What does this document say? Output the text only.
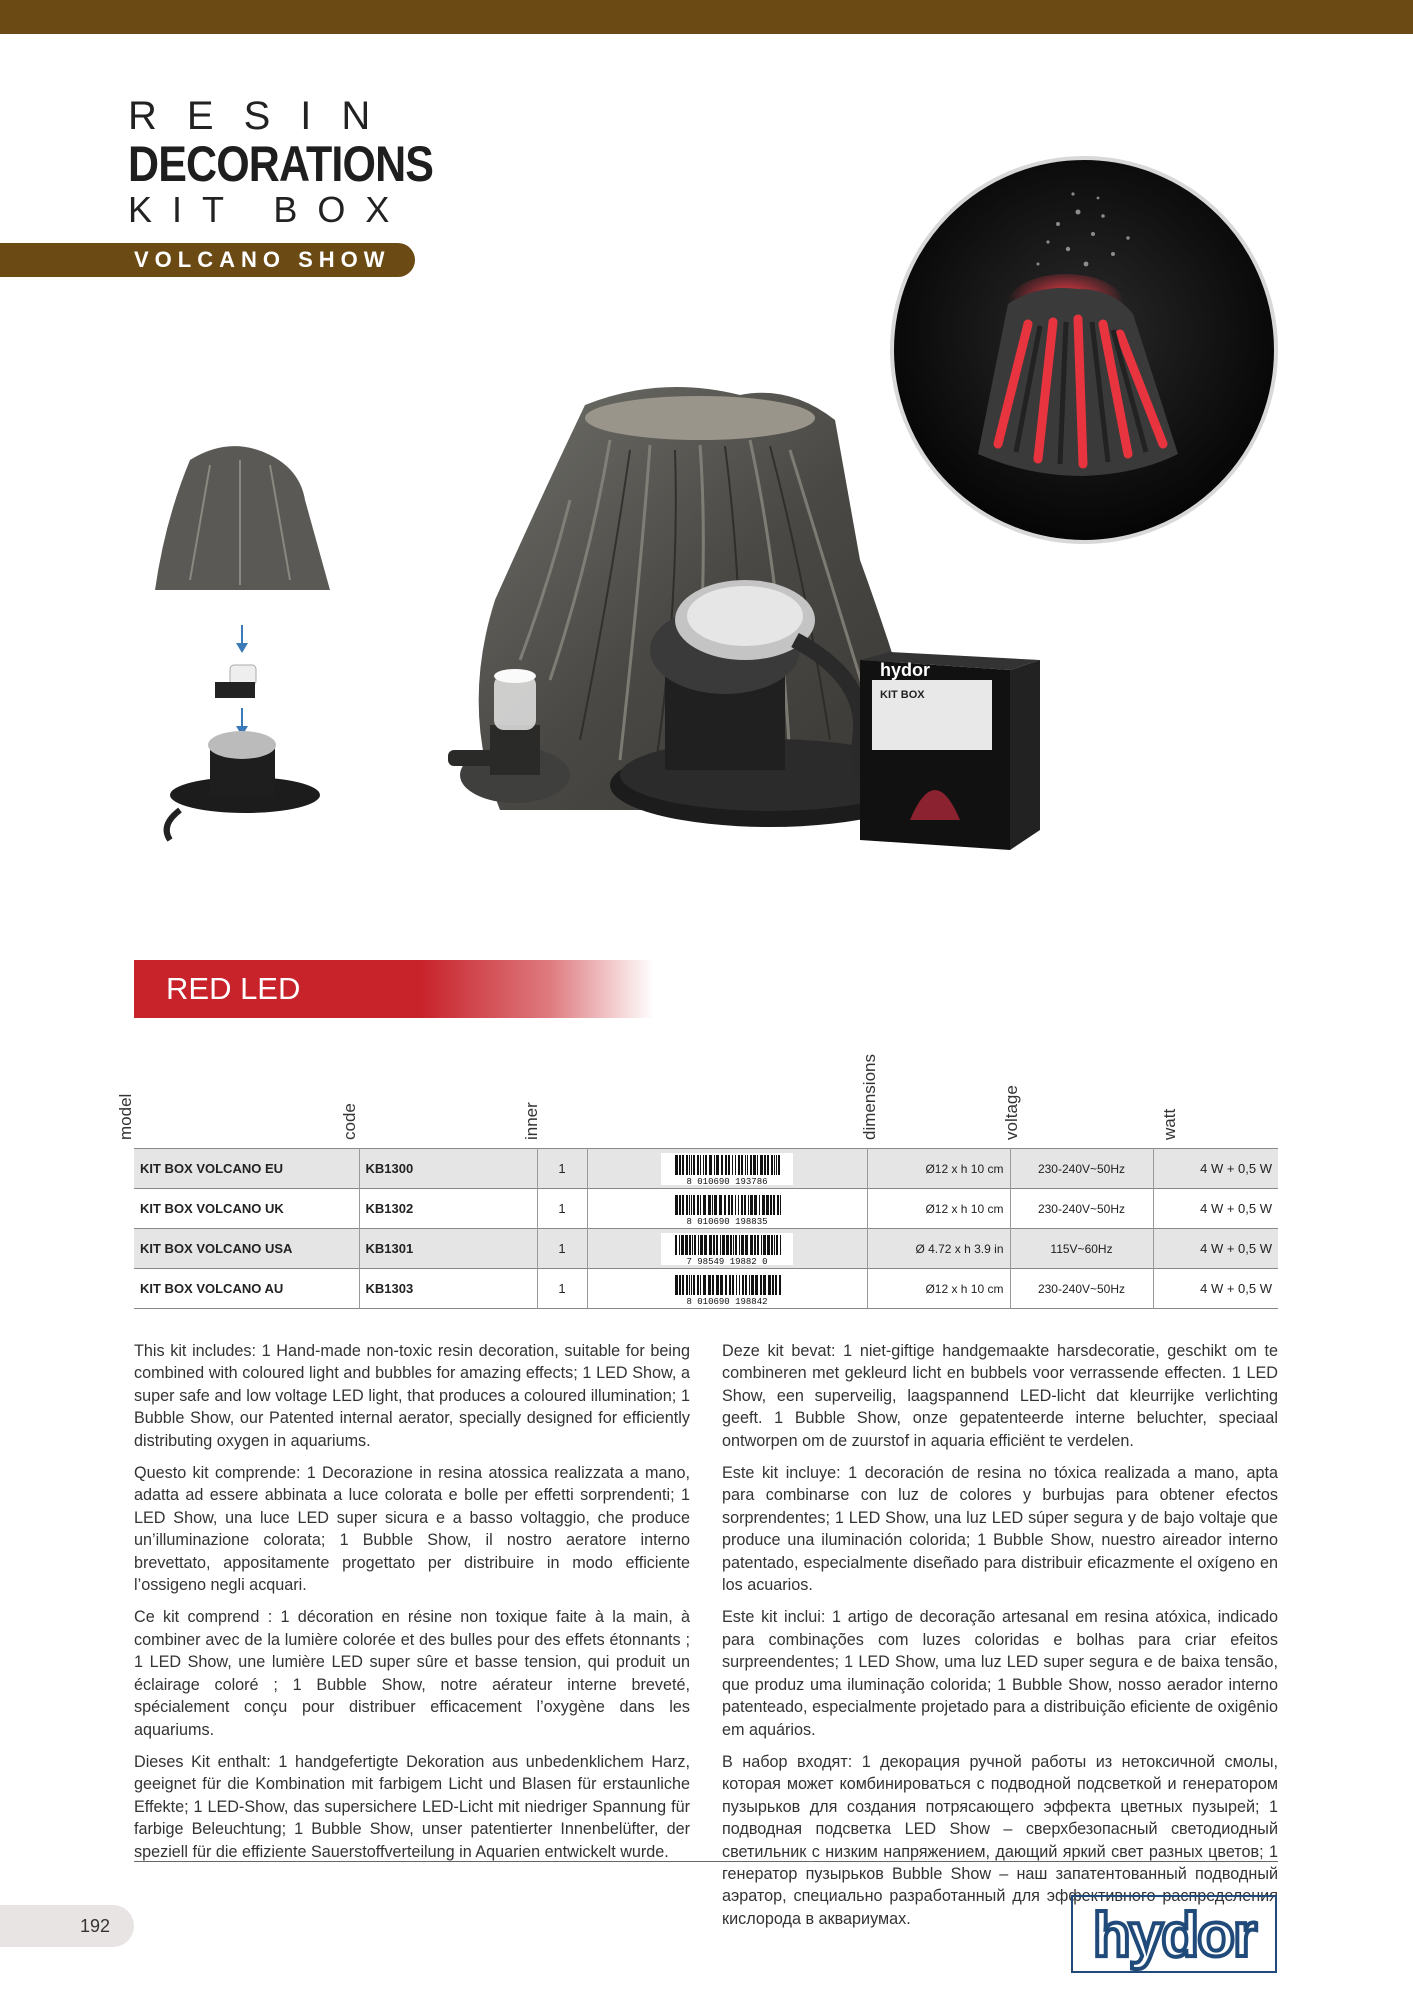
RESIN
DECORATIONS
KIT BOX
VOLCANO SHOW
hydor
KIT BOX
RED LED
model	code	inner	dimensions	voltage	watt
KIT BOX VOLCANO EU	KB1300	1	8 010690 193786	Ø12 x h 10 cm	230-240V~50Hz	4 W + 0,5 W
KIT BOX VOLCANO UK	KB1302	1	8 010690 198835	Ø12 x h 10 cm	230-240V~50Hz	4 W + 0,5 W
KIT BOX VOLCANO USA	KB1301	1	7 98549 19882 0	Ø 4.72 x h 3.9 in	115V~60Hz	4 W + 0,5 W
KIT BOX VOLCANO AU	KB1303	1	8 010690 198842	Ø12 x h 10 cm	230-240V~50Hz	4 W + 0,5 W

This kit includes: 1 Hand-made non-toxic resin decoration, suitable for being combined with coloured light and bubbles for amazing effects; 1 LED Show, a super safe and low voltage LED light, that produces a coloured illumination; 1 Bubble Show, our Patented internal aerator, specially designed for efficiently distributing oxygen in aquariums.

Questo kit comprende: 1 Decorazione in resina atossica realizzata a mano, adatta ad essere abbinata a luce colorata e bolle per effetti sorprendenti; 1 LED Show, una luce LED super sicura e a basso voltaggio, che produce un’illuminazione colorata; 1 Bubble Show, il nostro aeratore interno brevettato, appositamente progettato per distribuire in modo efficiente l’ossigeno negli acquari.

Ce kit comprend : 1 décoration en résine non toxique faite à la main, à combiner avec de la lumière colorée et des bulles pour des effets étonnants ; 1 LED Show, une lumière LED super sûre et basse tension, qui produit un éclairage coloré ; 1 Bubble Show, notre aérateur interne breveté, spécialement conçu pour distribuer efficacement l’oxygène dans les aquariums.

Dieses Kit enthalt: 1 handgefertigte Dekoration aus unbedenklichem Harz, geeignet für die Kombination mit farbigem Licht und Blasen für erstaunliche Effekte; 1 LED-Show, das supersichere LED-Licht mit niedriger Spannung für farbige Beleuchtung; 1 Bubble Show, unser patentierter Innenbelüfter, der speziell für die effiziente Sauerstoffverteilung in Aquarien entwickelt wurde.

Deze kit bevat: 1 niet-giftige handgemaakte harsdecoratie, geschikt om te combineren met gekleurd licht en bubbels voor verrassende effecten. 1 LED Show, een superveilig, laagspannend LED-licht dat kleurrijke verlichting geeft. 1 Bubble Show, onze gepatenteerde interne beluchter, speciaal ontworpen om de zuurstof in aquaria efficiënt te verdelen.

Este kit incluye: 1 decoración de resina no tóxica realizada a mano, apta para combinarse con luz de colores y burbujas para obtener efectos sorprendentes; 1 LED Show, una luz LED súper segura y de bajo voltaje que produce una iluminación colorida; 1 Bubble Show, nuestro aireador interno patentado, especialmente diseñado para distribuir eficazmente el oxígeno en los acuarios.

Este kit inclui: 1 artigo de decoração artesanal em resina atóxica, indicado para combinações com luzes coloridas e bolhas para criar efeitos surpreendentes; 1 LED Show, uma luz LED super segura e de baixa tensão, que produz uma iluminação colorida; 1 Bubble Show, nosso aerador interno patenteado, especialmente projetado para a distribuição eficiente de oxigênio em aquários.

В набор входят: 1 декорация ручной работы из нетоксичной смолы, которая может комбинироваться с подводной подсветкой и генератором пузырьков для создания потрясающего эффекта цветных пузырей; 1 подводная подсветка LED Show – сверхбезопасный светодиодный светильник с низким напряжением, дающий яркий свет разных цветов; 1 генератор пузырьков Bubble Show – наш запатентованный подводный аэратор, специально разработанный для эффективного распределения кислорода в аквариумах.

192	hydor
